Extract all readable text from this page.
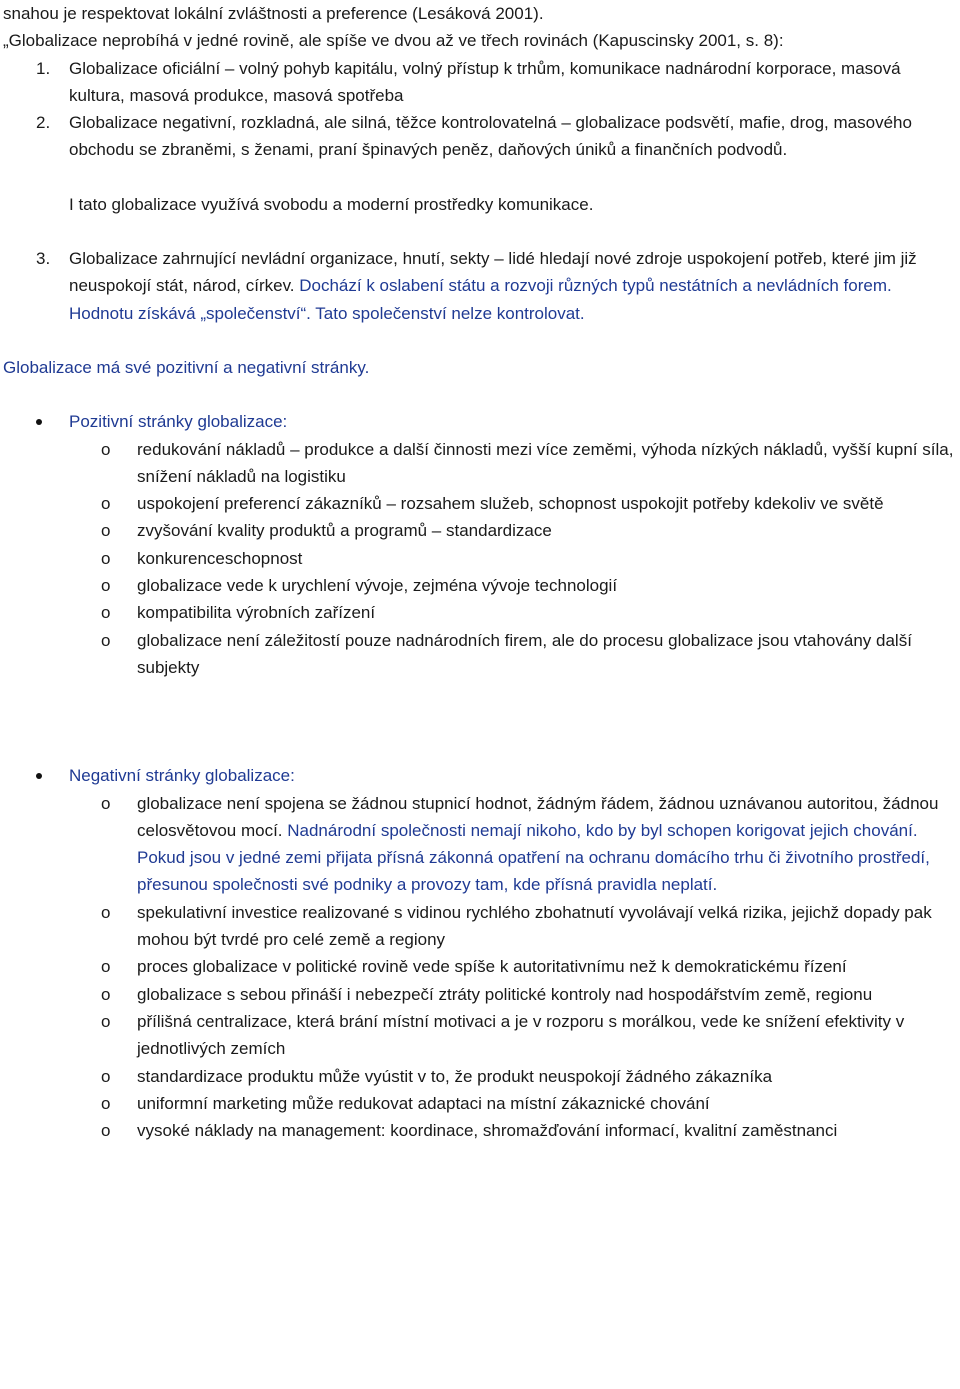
snahou je respektovat lokální zvláštnosti a preference (Lesáková 2001).

„Globalizace neprobíhá v jedné rovině, ale spíše ve dvou až ve třech rovinách (Kapuscinsky 2001, s. 8):

1. Globalizace oficiální – volný pohyb kapitálu, volný přístup k trhům, komunikace nadnárodní korporace, masová kultura, masová produkce, masová spotřeba
2. Globalizace negativní, rozkladná, ale silná, těžce kontrolovatelná – globalizace podsvětí, mafie, drog, masového obchodu se zbraněmi, s ženami, praní špinavých peněz, daňových úniků a finančních podvodů.

I tato globalizace využívá svobodu a moderní prostředky komunikace.

3. Globalizace zahrnující nevládní organizace, hnutí, sekty – lidé hledají nové zdroje uspokojení potřeb, které jim již neuspokojí stát, národ, církev. Dochází k oslabení státu a rozvoji různých typů nestátních a nevládních forem. Hodnotu získává „společenství“. Tato společenství nelze kontrolovat.

Globalizace má své pozitivní a negativní stránky.

Pozitivní stránky globalizace:
o redukování nákladů – produkce a další činnosti mezi více zeměmi, výhoda nízkých nákladů, vyšší kupní síla, snížení nákladů na logistiku
o uspokojení preferencí zákazníků – rozsahem služeb, schopnost uspokojit potřeby kdekoliv ve světě
o zvyšování kvality produktů a programů – standardizace
o konkurenceschopnost
o globalizace vede k urychlení vývoje, zejména vývoje technologií
o kompatibilita výrobních zařízení
o globalizace není záležitostí pouze nadnárodních firem, ale do procesu globalizace jsou vtahovány další subjekty
Negativní stránky globalizace:
o globalizace není spojena se žádnou stupnicí hodnot, žádným řádem, žádnou uznávanou autoritou, žádnou celosvětovou mocí. Nadnárodní společnosti nemají nikoho, kdo by byl schopen korigovat jejich chování. Pokud jsou v jedné zemi přijata přísná zákonná opatření na ochranu domácího trhu či životního prostředí, přesunou společnosti své podniky a provozy tam, kde přísná pravidla neplatí.
o spekulativní investice realizované s vidinou rychlého zbohatnutí vyvolávají velká rizika, jejichž dopady pak mohou být tvrdé pro celé země a regiony
o proces globalizace v politické rovině vede spíše k autoritativnímu než k demokratickému řízení
o globalizace s sebou přináší i nebezpečí ztráty politické kontroly nad hospodářstvím země, regionu
o přílišná centralizace, která brání místní motivaci a je v rozporu s morálkou, vede ke snížení efektivity v jednotlivých zemích
o standardizace produktu může vyústit v to, že produkt neuspokojí žádného zákazníka
o uniformní marketing může redukovat adaptaci na místní zákaznické chování
o vysoké náklady na management: koordinace, shromažďování informací, kvalitní zaměstnanci
